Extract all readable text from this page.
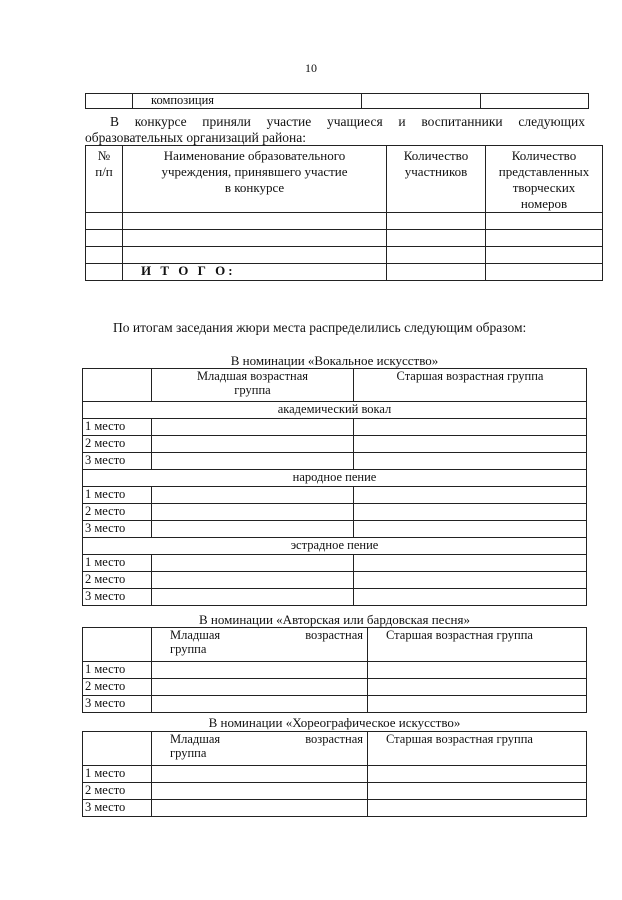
10
	композиция		
В конкурсе приняли участие учащиеся и воспитанники следующих
образовательных организаций района:
№
п/п	Наименование образовательного
учреждения, принявшего участие
в конкурсе	Количество
участников	Количество
представленных
творческих
номеров

	И Т О Г О:		
По итогам заседания жюри места распределились следующим образом:
В номинации «Вокальное искусство»
	Младшая возрастная
группа	Старшая возрастная группа
академический вокал		
1 место		
2 место		
3 место		
народное пение		
1 место		
2 место		
3 место		
эстрадное пение		
1 место		
2 место		
3 место		
В номинации «Авторская или бардовская песня»

	Младшая возрастная
группа	Старшая возрастная группа
1 место		
2 место		
3 место		
В номинации «Хореографическое искусство»

	Младшая возрастная
группа	Старшая возрастная группа
1 место		
2 место		
3 место		
